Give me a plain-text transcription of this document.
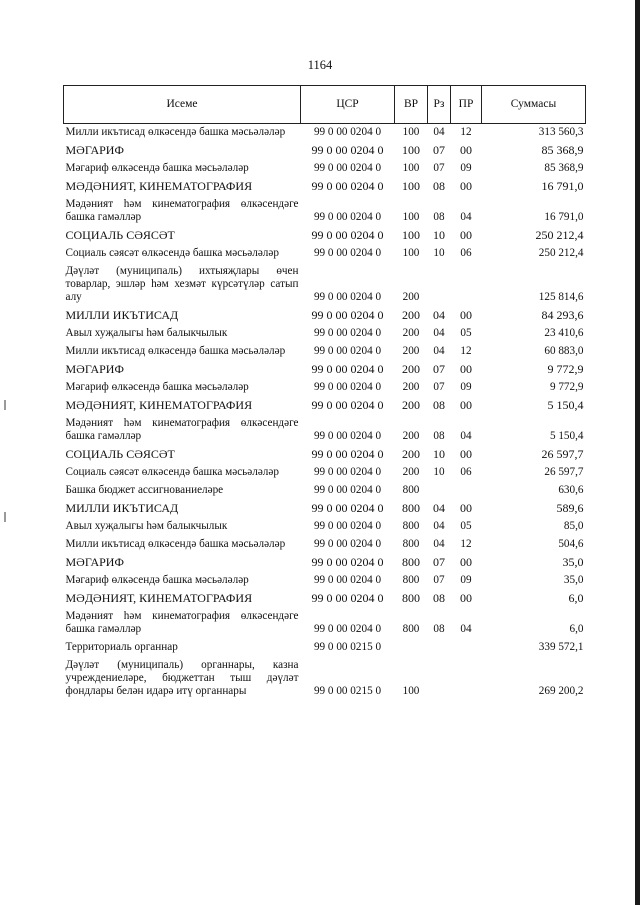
1164
Исеме	ЦСР	ВР	Рз	ПР	Суммасы
Милли икътисад өлкәсендә башка мәсьәләләр	99 0 00 0204 0	100	04	12	313 560,3
МӘГАРИФ	99 0 00 0204 0	100	07	00	85 368,9
Мәгариф өлкәсендә башка мәсьәләләр	99 0 00 0204 0	100	07	09	85 368,9
МӘДӘНИЯТ, КИНЕМАТОГРАФИЯ	99 0 00 0204 0	100	08	00	16 791,0
Мәдәният һәм кинематография өлкәсендәге башка гамәлләр	99 0 00 0204 0	100	08	04	16 791,0
СОЦИАЛЬ СӘЯСӘТ	99 0 00 0204 0	100	10	00	250 212,4
Социаль сәясәт өлкәсендә башка мәсьәләләр	99 0 00 0204 0	100	10	06	250 212,4
Дәүләт (муниципаль) ихтыяҗлары өчен товарлар, эшләр һәм хезмәт күрсәтүләр сатып алу	99 0 00 0204 0	200			125 814,6
МИЛЛИ ИКЪТИСАД	99 0 00 0204 0	200	04	00	84 293,6
Авыл хуҗалыгы һәм балыкчылык	99 0 00 0204 0	200	04	05	23 410,6
Милли икътисад өлкәсендә башка мәсьәләләр	99 0 00 0204 0	200	04	12	60 883,0
МӘГАРИФ	99 0 00 0204 0	200	07	00	9 772,9
Мәгариф өлкәсендә башка мәсьәләләр	99 0 00 0204 0	200	07	09	9 772,9
МӘДӘНИЯТ, КИНЕМАТОГРАФИЯ	99 0 00 0204 0	200	08	00	5 150,4
Мәдәният һәм кинематография өлкәсендәге башка гамәлләр	99 0 00 0204 0	200	08	04	5 150,4
СОЦИАЛЬ СӘЯСӘТ	99 0 00 0204 0	200	10	00	26 597,7
Социаль сәясәт өлкәсендә башка мәсьәләләр	99 0 00 0204 0	200	10	06	26 597,7
Башка бюджет ассигнованиеләре	99 0 00 0204 0	800			630,6
МИЛЛИ ИКЪТИСАД	99 0 00 0204 0	800	04	00	589,6
Авыл хуҗалыгы һәм балыкчылык	99 0 00 0204 0	800	04	05	85,0
Милли икътисад өлкәсендә башка мәсьәләләр	99 0 00 0204 0	800	04	12	504,6
МӘГАРИФ	99 0 00 0204 0	800	07	00	35,0
Мәгариф өлкәсендә башка мәсьәләләр	99 0 00 0204 0	800	07	09	35,0
МӘДӘНИЯТ, КИНЕМАТОГРАФИЯ	99 0 00 0204 0	800	08	00	6,0
Мәдәният һәм кинематография өлкәсендәге башка гамәлләр	99 0 00 0204 0	800	08	04	6,0
Территориаль органнар	99 0 00 0215 0				339 572,1
Дәүләт (муниципаль) органнары, казна учреждениеләре, бюджеттан тыш дәүләт фондлары белән идарә итү органнары	99 0 00 0215 0	100			269 200,2
